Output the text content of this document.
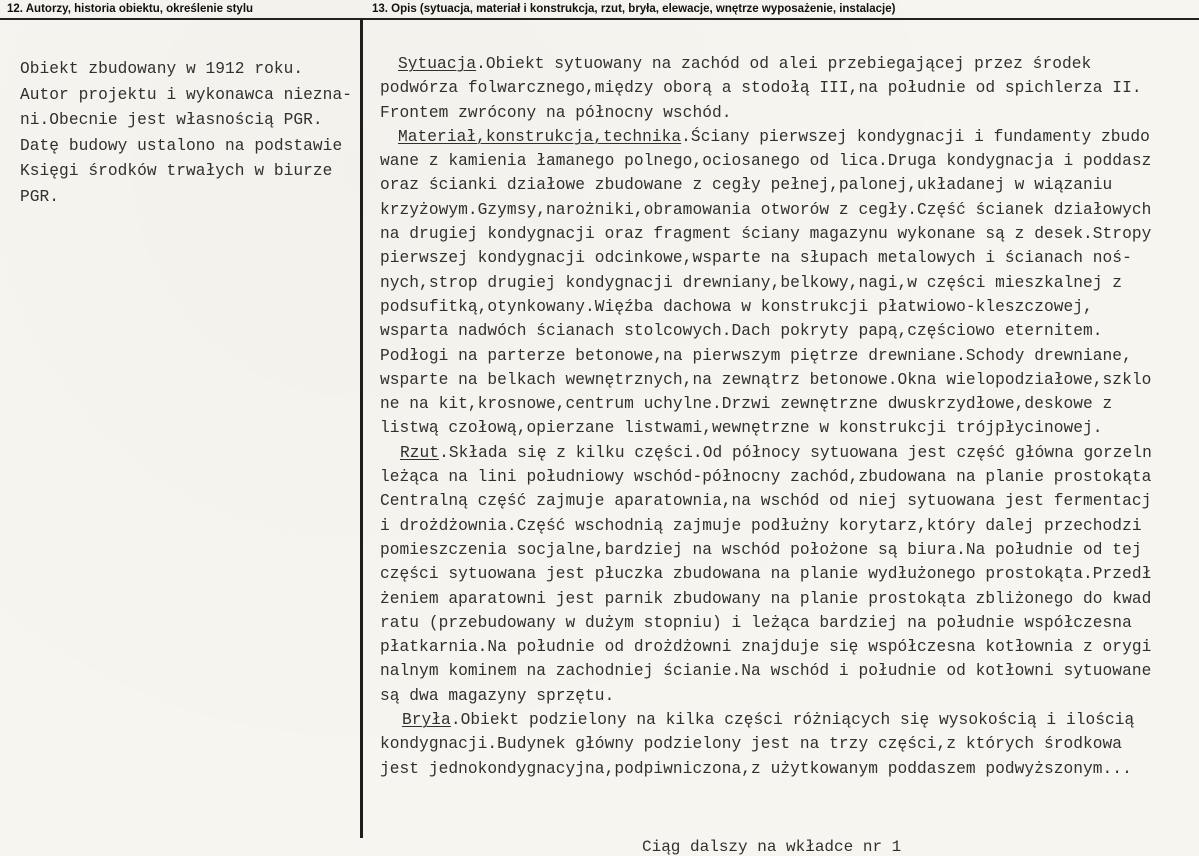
12. Autorzy, historia obiektu, określenie stylu	13. Opis (sytuacja, materiał i konstrukcja, rzut, bryła, elewacje, wnętrze wyposażenie, instalacje)
Obiekt zbudowany w 1912 roku.
Autor projektu i wykonawca niezna-
ni.Obecnie jest własnością PGR.
Datę budowy ustalono na podstawie
Księgi środków trwałych w biurze
PGR.
Sytuacja.Obiekt sytuowany na zachód od alei przebiegającej przez środek
podwórza folwarcznego,między oborą a stodołą III,na południe od spichlerza II.
Frontem zwrócony na północny wschód.
Materiał,konstrukcja,technika.Ściany pierwszej kondygnacji i fundamenty zbudo
wane z kamienia łamanego polnego,ociosanego od lica.Druga kondygnacja i poddasz
oraz ścianki działowe zbudowane z cegły pełnej,palonej,układanej w wiązaniu
krzyżowym.Gzymsy,narożniki,obramowania otworów z cegły.Część ścianek działowych
na drugiej kondygnacji oraz fragment ściany magazynu wykonane są z desek.Stropy
pierwszej kondygnacji odcinkowe,wsparte na słupach metalowych i ścianach noś-
nych,strop drugiej kondygnacji drewniany,belkowy,nagi,w części mieszkalnej z
podsufitką,otynkowany.Więźba dachowa w konstrukcji płatwiowo-kleszczowej,
wsparta nadwóch ścianach stolcowych.Dach pokryty papą,częściowo eternitem.
Podłogi na parterze betonowe,na pierwszym piętrze drewniane.Schody drewniane,
wsparte na belkach wewnętrznych,na zewnątrz betonowe.Okna wielopodziałowe,szklo
ne na kit,krosnowe,centrum uchylne.Drzwi zewnętrzne dwuskrzydłowe,deskowe z
listwą czołową,opierzane listwami,wewnętrzne w konstrukcji trójpłycinowej.
Rzut.Składa się z kilku części.Od północy sytuowana jest część główna gorzeln
leżąca na lini południowy wschód-północny zachód,zbudowana na planie prostokąta
Centralną część zajmuje aparatownia,na wschód od niej sytuowana jest fermentacj
i drożdżownia.Część wschodnią zajmuje podłużny korytarz,który dalej przechodzi
pomieszczenia socjalne,bardziej na wschód położone są biura.Na południe od tej
części sytuowana jest płuczka zbudowana na planie wydłużonego prostokąta.Przedł
żeniem aparatowni jest parnik zbudowany na planie prostokąta zbliżonego do kwad
ratu (przebudowany w dużym stopniu) i leżąca bardziej na południe współczesna
płatkarnia.Na południe od drożdżowni znajduje się współczesna kotłownia z orygi
nalnym kominem na zachodniej ścianie.Na wschód i południe od kotłowni sytuowane
są dwa magazyny sprzętu.
Bryła.Obiekt podzielony na kilka części różniących się wysokością i ilością
kondygnacji.Budynek główny podzielony jest na trzy części,z których środkowa
jest jednokondygnacyjna,podpiwniczona,z użytkowanym poddaszem podwyższonym...
Ciąg dalszy na wkładce nr 1
